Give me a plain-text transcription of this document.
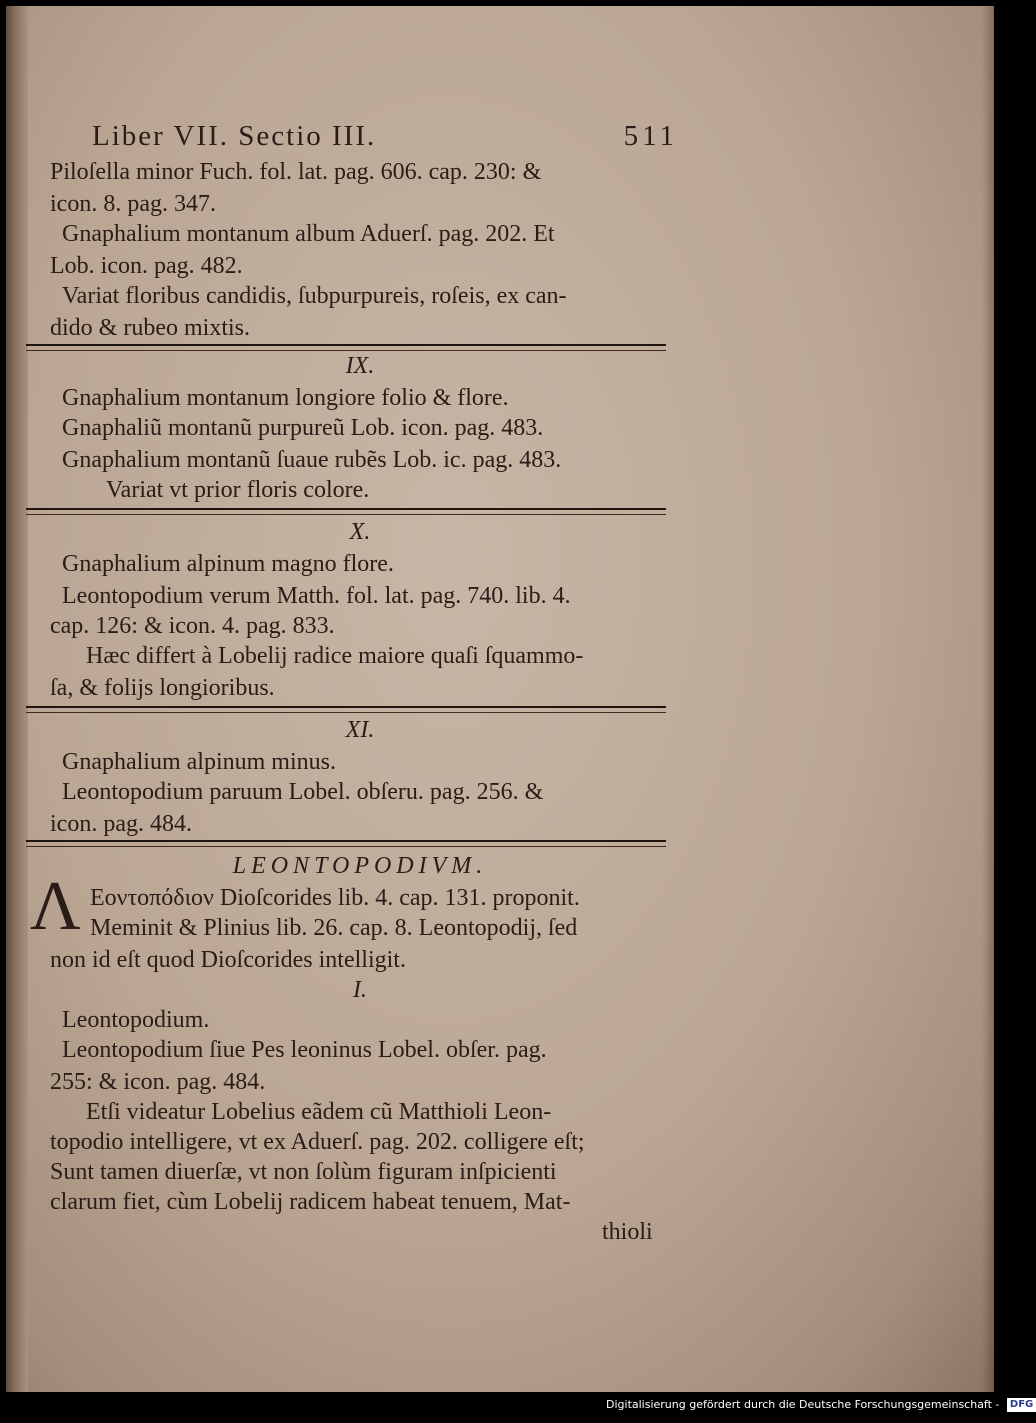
Liber VII. Sectio III.	511
Piloſella minor Fuch. fol. lat. pag. 606. cap. 230: &
icon. 8. pag. 347.
Gnaphalium montanum album Aduerſ. pag. 202. Et
Lob. icon. pag. 482.
Variat floribus candidis, ſubpurpureis, roſeis, ex can-
dido & rubeo mixtis.
IX.
Gnaphalium montanum longiore folio & flore.
Gnaphaliũ montanũ purpureũ Lob. icon. pag. 483.
Gnaphalium montanũ ſuaue rubẽs Lob. ic. pag. 483.
Variat vt prior floris colore.
X.
Gnaphalium alpinum magno flore.
Leontopodium verum Matth. fol. lat. pag. 740. lib. 4.
cap. 126: & icon. 4. pag. 833.
Hæc differt à Lobelij radice maiore quaſi ſquammo-
ſa, & folijs longioribus.
XI.
Gnaphalium alpinum minus.
Leontopodium paruum Lobel. obſeru. pag. 256. &
icon. pag. 484.
LEONTOPODIVM.
Λ Εοντοπόδιον Dioſcorides lib. 4. cap. 131. proponit.
Meminit & Plinius lib. 26. cap. 8. Leontopodij, ſed
non id eſt quod Dioſcorides intelligit.
I.
Leontopodium.
Leontopodium ſiue Pes leoninus Lobel. obſer. pag.
255: & icon. pag. 484.
Etſi videatur Lobelius eãdem cũ Matthioli Leon-
topodio intelligere, vt ex Aduerſ. pag. 202. colligere eſt;
Sunt tamen diuerſæ, vt non ſolùm figuram inſpicienti
clarum fiet, cùm Lobelij radicem habeat tenuem, Mat-
thioli
Digitalisierung gefördert durch die Deutsche Forschungsgemeinschaft - DFG
